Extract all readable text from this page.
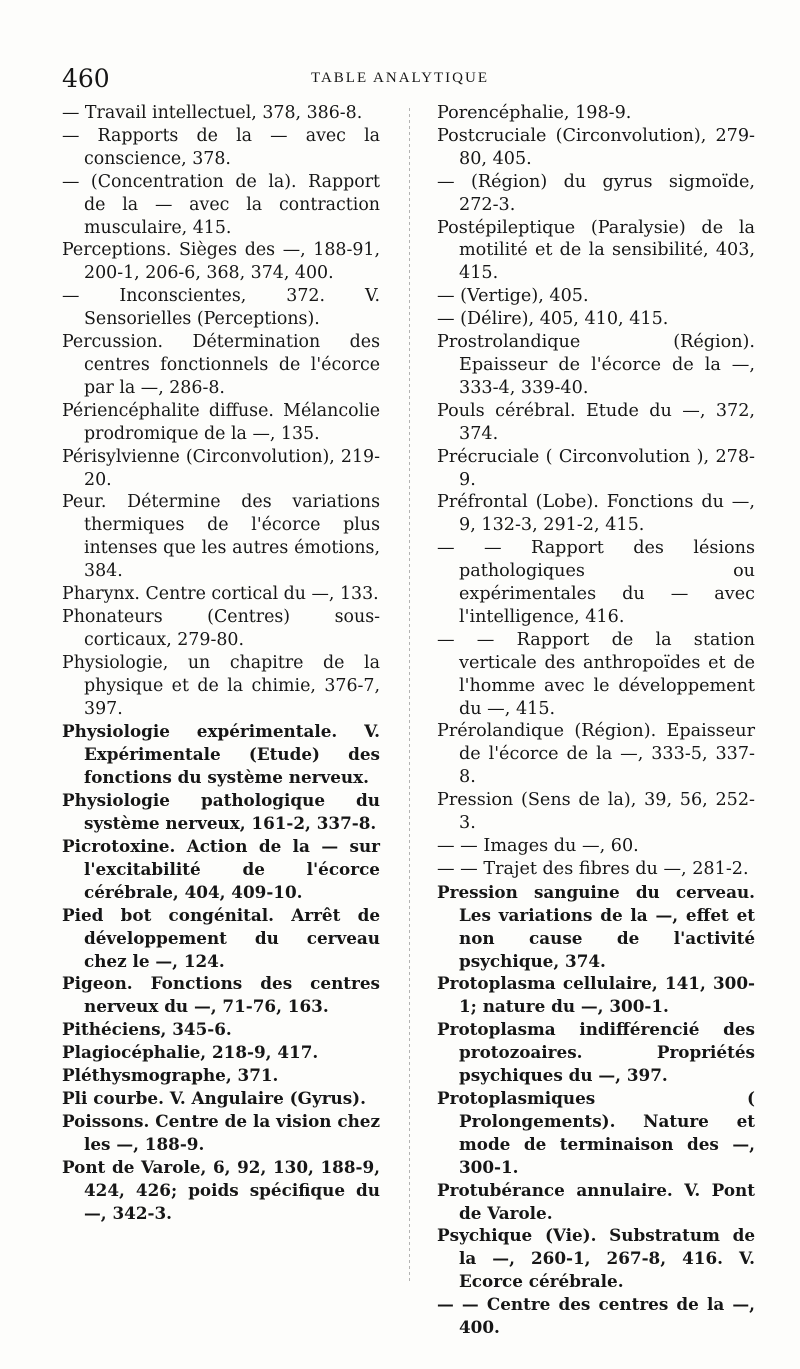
460	TABLE ANALYTIQUE

— Travail intellectuel, 378, 386-8.

— Rapports de la — avec la conscience, 378.

— (Concentration de la). Rapport de la — avec la contraction musculaire, 415.

Perceptions. Sièges des —, 188-91, 200-1, 206-6, 368, 374, 400.

— Inconscientes, 372. V. Sensorielles (Perceptions).

Percussion. Détermination des centres fonctionnels de l'écorce par la —, 286-8.

Périencéphalite diffuse. Mélancolie prodromique de la —, 135.

Périsylvienne (Circonvolution), 219-20.

Peur. Détermine des variations thermiques de l'écorce plus intenses que les autres émotions, 384.

Pharynx. Centre cortical du —, 133.

Phonateurs (Centres) sous-corticaux, 279-80.

Physiologie, un chapitre de la physique et de la chimie, 376-7, 397.

Physiologie expérimentale. V. Expérimentale (Etude) des fonctions du système nerveux.

Physiologie pathologique du système nerveux, 161-2, 337-8.

Picrotoxine. Action de la — sur l'excitabilité de l'écorce cérébrale, 404, 409-10.

Pied bot congénital. Arrêt de développement du cerveau chez le —, 124.

Pigeon. Fonctions des centres nerveux du —, 71-76, 163.

Pithéciens, 345-6.

Plagiocéphalie, 218-9, 417.

Pléthysmographe, 371.

Pli courbe. V. Angulaire (Gyrus).

Poissons. Centre de la vision chez les —, 188-9.

Pont de Varole, 6, 92, 130, 188-9, 424, 426; poids spécifique du —, 342-3.

Porencéphalie, 198-9.

Postcruciale (Circonvolution), 279-80, 405.

— (Région) du gyrus sigmoïde, 272-3.

Postépileptique (Paralysie) de la motilité et de la sensibilité, 403, 415.

— (Vertige), 405.

— (Délire), 405, 410, 415.

Prostrolandique (Région). Epaisseur de l'écorce de la —, 333-4, 339-40.

Pouls cérébral. Etude du —, 372, 374.

Précruciale ( Circonvolution ), 278-9.

Préfrontal (Lobe). Fonctions du —, 9, 132-3, 291-2, 415.

— — Rapport des lésions pathologiques ou expérimentales du — avec l'intelligence, 416.

— — Rapport de la station verticale des anthropoïdes et de l'homme avec le développement du —, 415.

Prérolandique (Région). Epaisseur de l'écorce de la —, 333-5, 337-8.

Pression (Sens de la), 39, 56, 252-3.

— — Images du —, 60.

— — Trajet des fibres du —, 281-2.

Pression sanguine du cerveau. Les variations de la —, effet et non cause de l'activité psychique, 374.

Protoplasma cellulaire, 141, 300-1; nature du —, 300-1.

Protoplasma indifférencié des protozoaires. Propriétés psychiques du —, 397.

Protoplasmiques ( Prolongements). Nature et mode de terminaison des —, 300-1.

Protubérance annulaire. V. Pont de Varole.

Psychique (Vie). Substratum de la —, 260-1, 267-8, 416. V. Ecorce cérébrale.

— — Centre des centres de la —, 400.
